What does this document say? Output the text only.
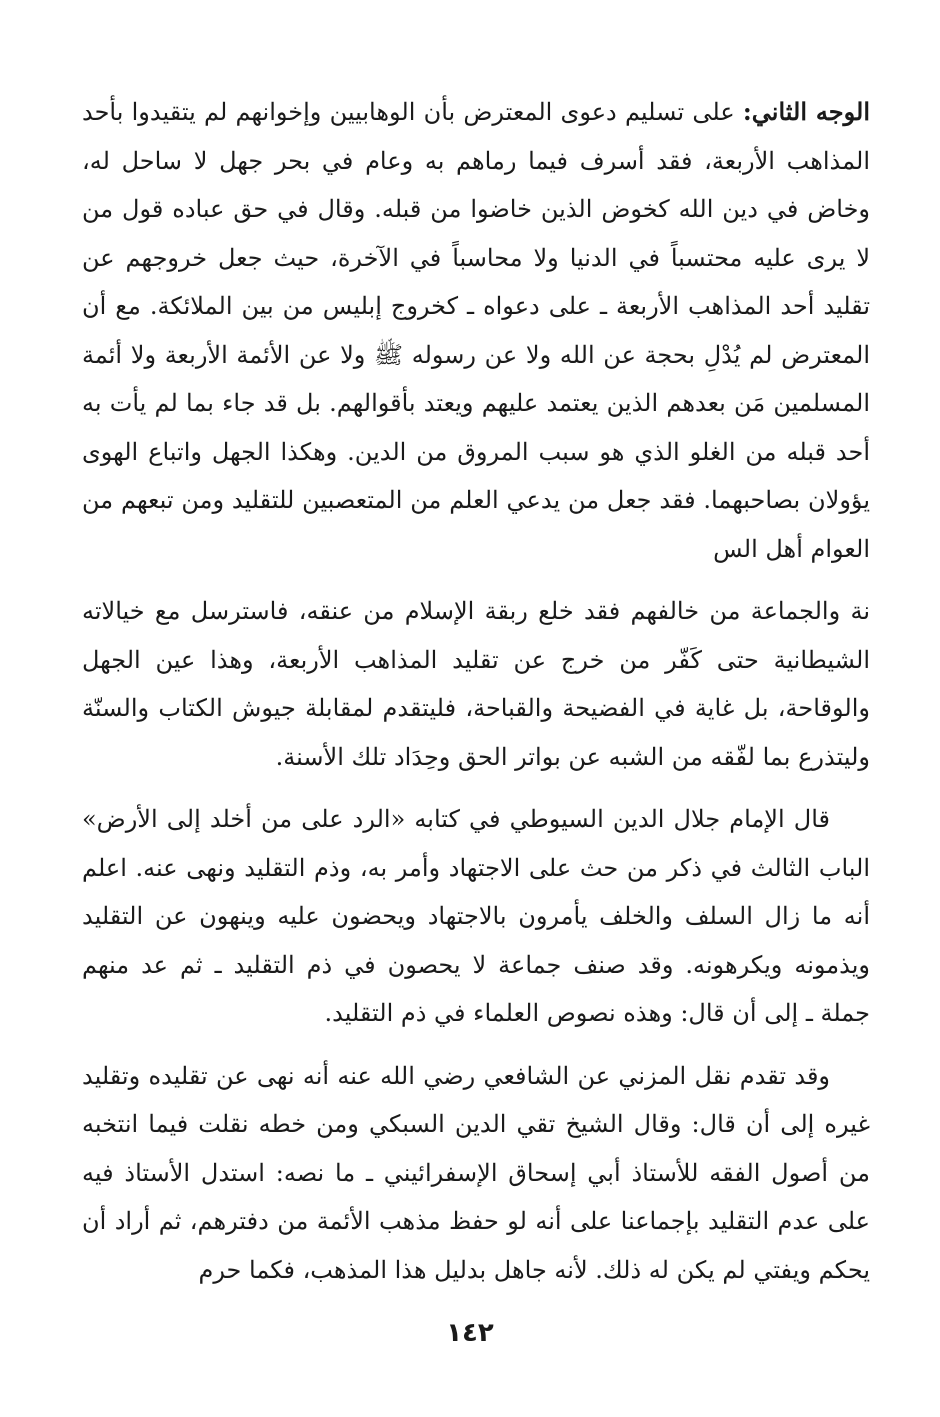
الوجه الثاني: على تسليم دعوى المعترض بأن الوهابيين وإخوانهم لم يتقيدوا بأحد المذاهب الأربعة، فقد أسرف فيما رماهم به وعام في بحر جهل لا ساحل له، وخاض في دين الله كخوض الذين خاضوا من قبله. وقال في حق عباده قول من لا يرى عليه محتسباً في الدنيا ولا محاسباً في الآخرة، حيث جعل خروجهم عن تقليد أحد المذاهب الأربعة ـ على دعواه ـ كخروج إبليس من بين الملائكة. مع أن المعترض لم يُدْلِ بحجة عن الله ولا عن رسوله ﷺ ولا عن الأئمة الأربعة ولا أئمة المسلمين مَن بعدهم الذين يعتمد عليهم ويعتد بأقوالهم. بل قد جاء بما لم يأت به أحد قبله من الغلو الذي هو سبب المروق من الدين. وهكذا الجهل واتباع الهوى يؤولان بصاحبهما. فقد جعل من يدعي العلم من المتعصبين للتقليد ومن تبعهم من العوام أهل الس

نة والجماعة من خالفهم فقد خلع ربقة الإسلام من عنقه، فاسترسل مع خيالاته الشيطانية حتى كَفّر من خرج عن تقليد المذاهب الأربعة، وهذا عين الجهل والوقاحة، بل غاية في الفضيحة والقباحة، فليتقدم لمقابلة جيوش الكتاب والسنّة وليتذرع بما لفّقه من الشبه عن بواتر الحق وحِدَاد تلك الأسنة.

قال الإمام جلال الدين السيوطي في كتابه «الرد على من أخلد إلى الأرض» الباب الثالث في ذكر من حث على الاجتهاد وأمر به، وذم التقليد ونهى عنه. اعلم أنه ما زال السلف والخلف يأمرون بالاجتهاد ويحضون عليه وينهون عن التقليد ويذمونه ويكرهونه. وقد صنف جماعة لا يحصون في ذم التقليد ـ ثم عد منهم جملة ـ إلى أن قال: وهذه نصوص العلماء في ذم التقليد.

وقد تقدم نقل المزني عن الشافعي رضي الله عنه أنه نهى عن تقليده وتقليد غيره إلى أن قال: وقال الشيخ تقي الدين السبكي ومن خطه نقلت فيما انتخبه من أصول الفقه للأستاذ أبي إسحاق الإسفرائيني ـ ما نصه: استدل الأستاذ فيه على عدم التقليد بإجماعنا على أنه لو حفظ مذهب الأئمة من دفترهم، ثم أراد أن يحكم ويفتي لم يكن له ذلك. لأنه جاهل بدليل هذا المذهب، فكما حرم

١٤٢
